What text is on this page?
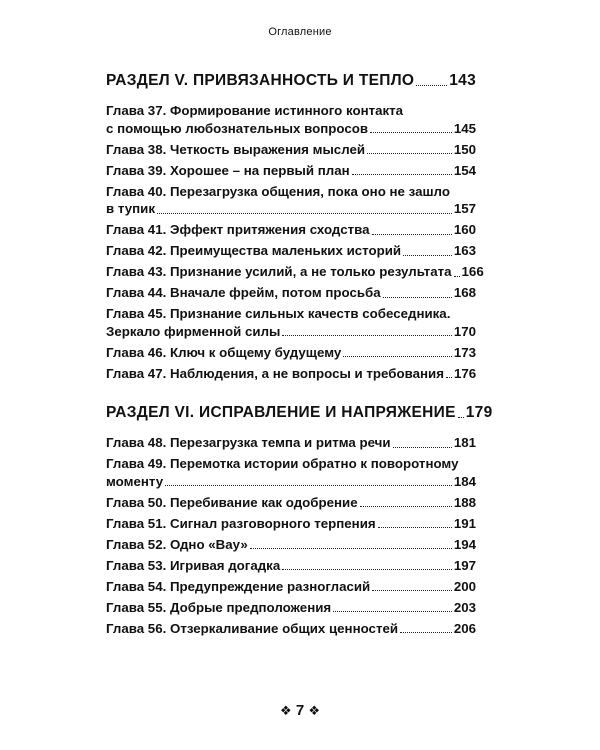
Оглавление
РАЗДЕЛ V. ПРИВЯЗАННОСТЬ И ТЕПЛО 143
Глава 37. Формирование истинного контакта
с помощью любознательных вопросов	145
Глава 38. Четкость выражения мыслей	150
Глава 39. Хорошее – на первый план	154
Глава 40. Перезагрузка общения, пока оно не зашло
в тупик	157
Глава 41. Эффект притяжения сходства	160
Глава 42. Преимущества маленьких историй	163
Глава 43. Признание усилий, а не только результата 166
Глава 44. Вначале фрейм, потом просьба	168
Глава 45. Признание сильных качеств собеседника.
Зеркало фирменной силы	170
Глава 46. Ключ к общему будущему	173
Глава 47. Наблюдения, а не вопросы и требования 176
РАЗДЕЛ VI. ИСПРАВЛЕНИЕ И НАПРЯЖЕНИЕ 179
Глава 48. Перезагрузка темпа и ритма речи	181
Глава 49. Перемотка истории обратно к поворотному
моменту	184
Глава 50. Перебивание как одобрение	188
Глава 51. Сигнал разговорного терпения	191
Глава 52. Одно «Вау»	194
Глава 53. Игривая догадка	197
Глава 54. Предупреждение разногласий	200
Глава 55. Добрые предположения	203
Глава 56. Отзеркаливание общих ценностей	206
❖ 7 ❖
